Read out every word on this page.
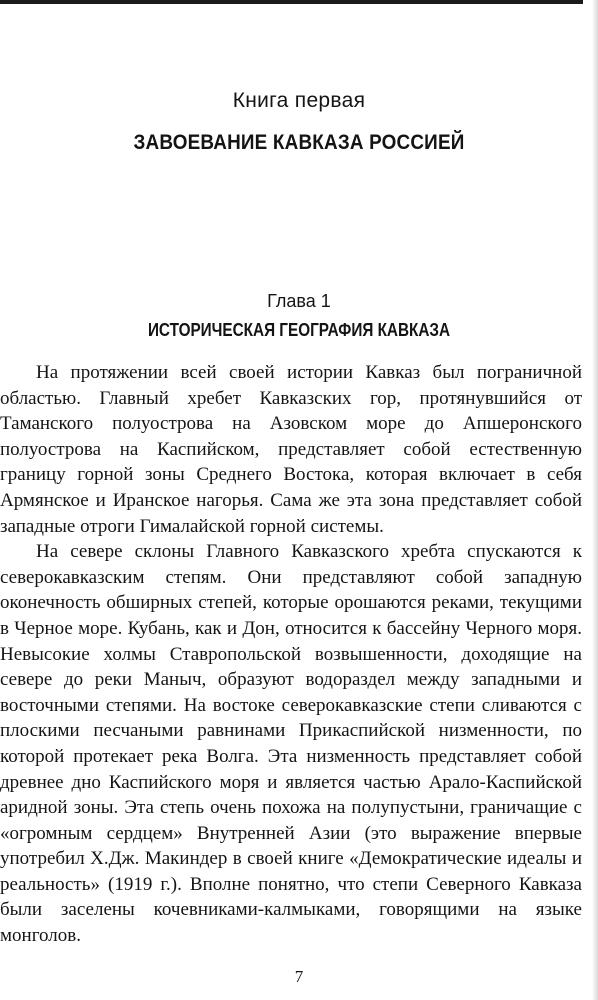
Книга первая
ЗАВОЕВАНИЕ КАВКАЗА РОССИЕЙ
Глава 1
ИСТОРИЧЕСКАЯ ГЕОГРАФИЯ КАВКАЗА

На протяжении всей своей истории Кавказ был пограничной областью. Главный хребет Кавказских гор, протянувшийся от Таманского полуострова на Азовском море до Апшеронского полуострова на Каспийском, представляет собой естественную границу горной зоны Среднего Востока, которая включает в себя Армянское и Иранское нагорья. Сама же эта зона представляет собой западные отроги Гималайской горной системы.

На севере склоны Главного Кавказского хребта спускаются к северокавказским степям. Они представляют собой западную оконечность обширных степей, которые орошаются реками, текущими в Черное море. Кубань, как и Дон, относится к бассейну Черного моря. Невысокие холмы Ставропольской возвышенности, доходящие на севере до реки Маныч, образуют водораздел между западными и восточными степями. На востоке северокавказские степи сливаются с плоскими песчаными равнинами Прикаспийской низменности, по которой протекает река Волга. Эта низменность представляет собой древнее дно Каспийского моря и является частью Арало-Каспийской аридной зоны. Эта степь очень похожа на полупустыни, граничащие с «огромным сердцем» Внутренней Азии (это выражение впервые употребил Х.Дж. Макиндер в своей книге «Демократические идеалы и реальность» (1919 г.). Вполне понятно, что степи Северного Кавказа были заселены кочевниками-калмыками, говорящими на языке монголов.

7
